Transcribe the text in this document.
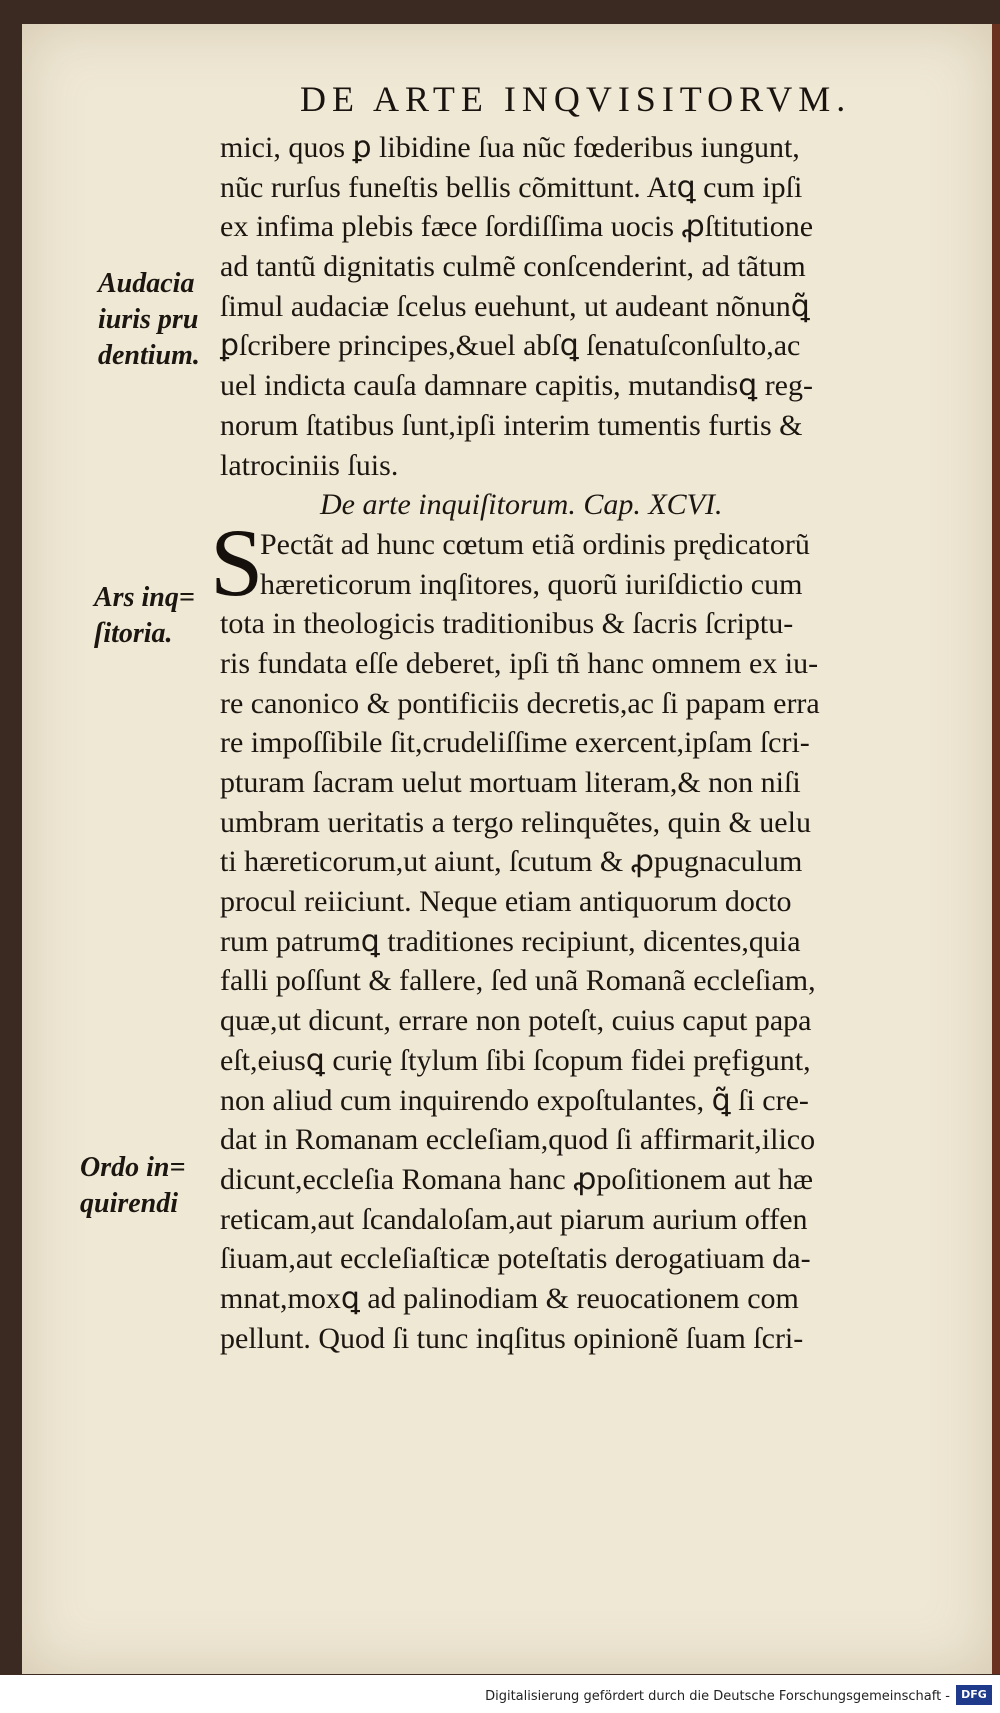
DE ARTE INQVISITORVM.
mici, quos ꝑ libidine ſua nũc fœderibus iungunt,
nũc rurſus funeſtis bellis cõmittunt. Atꝗ cum ipſi
ex infima plebis fæce ſordiſſima uocis ꝓſtitutione
ad tantũ dignitatis culmẽ conſcenderint, ad tãtum
ſimul audaciæ ſcelus euehunt, ut audeant nõnunꝗ̃
ꝑſcribere principes,&uel abſꝗ ſenatuſconſulto,ac
uel indicta cauſa damnare capitis, mutandisꝗ reg-
norum ſtatibus ſunt,ipſi interim tumentis furtis &
latrociniis ſuis.
De arte inquiſitorum. Cap. XCVI.
S
Pectãt ad hunc cœtum etiã ordinis prędicatorũ
hæreticorum inqſitores, quorũ iuriſdictio cum
tota in theologicis traditionibus & ſacris ſcriptu-
ris fundata eſſe deberet, ipſi tñ hanc omnem ex iu-
re canonico & pontificiis decretis,ac ſi papam erra
re impoſſibile ſit,crudeliſſime exercent,ipſam ſcri-
pturam ſacram uelut mortuam literam,& non niſi
umbram ueritatis a tergo relinquẽtes, quin & uelu
ti hæreticorum,ut aiunt, ſcutum & ꝓpugnaculum
procul reiiciunt. Neque etiam antiquorum docto
rum patrumꝗ traditiones recipiunt, dicentes,quia
falli poſſunt & fallere, ſed unã Romanã eccleſiam,
quæ,ut dicunt, errare non poteſt, cuius caput papa
eſt,eiusꝗ curię ſtylum ſibi ſcopum fidei pręfigunt,
non aliud cum inquirendo expoſtulantes, ꝗ̃ ſi cre-
dat in Romanam eccleſiam,quod ſi affirmarit,ilico
dicunt,eccleſia Romana hanc ꝓpoſitionem aut hæ
reticam,aut ſcandaloſam,aut piarum aurium offen
ſiuam,aut eccleſiaſticæ poteſtatis derogatiuam da-
mnat,moxꝗ ad palinodiam & reuocationem com
pellunt. Quod ſi tunc inqſitus opinionẽ ſuam ſcri-
Audacia
iuris pru
dentium.
Ars inq=
ſitoria.
Ordo in=
quirendi
Digitalisierung gefördert durch die Deutsche Forschungsgemeinschaft -	DFG
